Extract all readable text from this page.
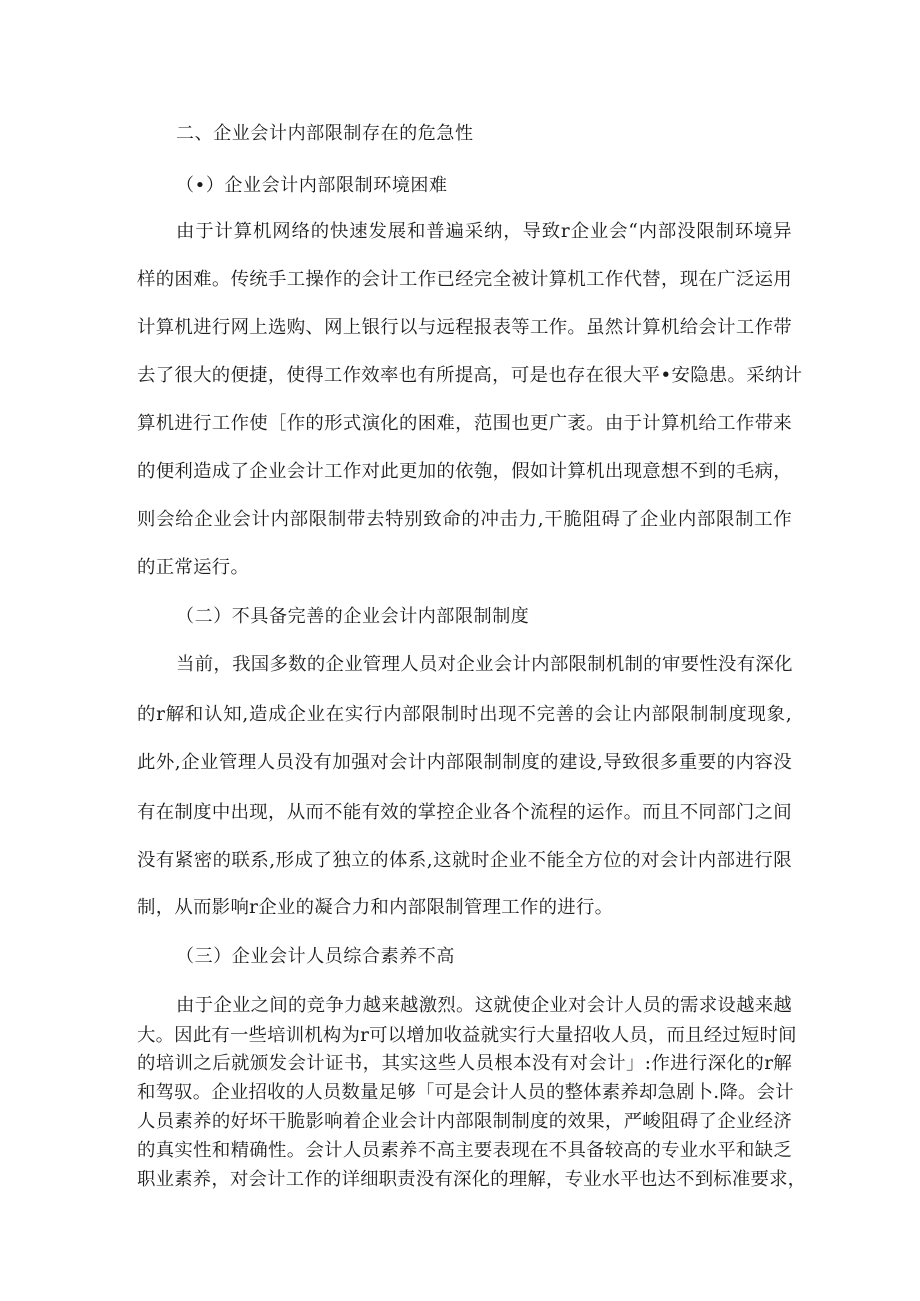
二、企业会计内部限制存在的危急性
（•）企业会计内部限制环境困难
由于计算机网络的快速发展和普遍采纳，导致r企业会“内部没限制环境异
样的困难。传统手工操作的会计工作已经完全被计算机工作代替，现在广泛运用
计算机进行网上选购、网上银行以与远程报表等工作。虽然计算机给会计工作带
去了很大的便捷，使得工作效率也有所提高，可是也存在很大平•安隐患。采纳计
算机进行工作使［作的形式演化的困难，范围也更广袤。由于计算机给工作带来
的便利造成了企业会计工作对此更加的依匏，假如计算机出现意想不到的毛病，
则会给企业会计内部限制带去特别致命的冲击力,干脆阻碍了企业内部限制工作
的正常运行。
（二）不具备完善的企业会计内部限制制度
当前，我国多数的企业管理人员对企业会计内部限制机制的审要性没有深化
的r解和认知,造成企业在实行内部限制时出现不完善的会让内部限制制度现象,
此外,企业管理人员没有加强对会计内部限制制度的建设,导致很多重要的内容没
有在制度中出现，从而不能有效的掌控企业各个流程的运作。而且不同部门之间
没有紧密的联系,形成了独立的体系,这就时企业不能全方位的对会计内部进行限
制，从而影响r企业的凝合力和内部限制管理工作的进行。
（三）企业会计人员综合素养不高
由于企业之间的竞争力越来越激烈。这就使企业对会计人员的需求设越来越
大。因此有一些培训机构为r可以增加收益就实行大量招收人员，而且经过短时间
的培训之后就颁发会计证书，其实这些人员根本没有对会计」:作进行深化的r解
和驾驭。企业招收的人员数量足够「可是会计人员的整体素养却急剧卜.降。会计
人员素养的好坏干脆影响着企业会计内部限制制度的效果，严峻阻碍了企业经济
的真实性和精确性。会计人员素养不高主要表现在不具备较高的专业水平和缺乏
职业素养，对会计工作的详细职责没有深化的理解，专业水平也达不到标准要求，
